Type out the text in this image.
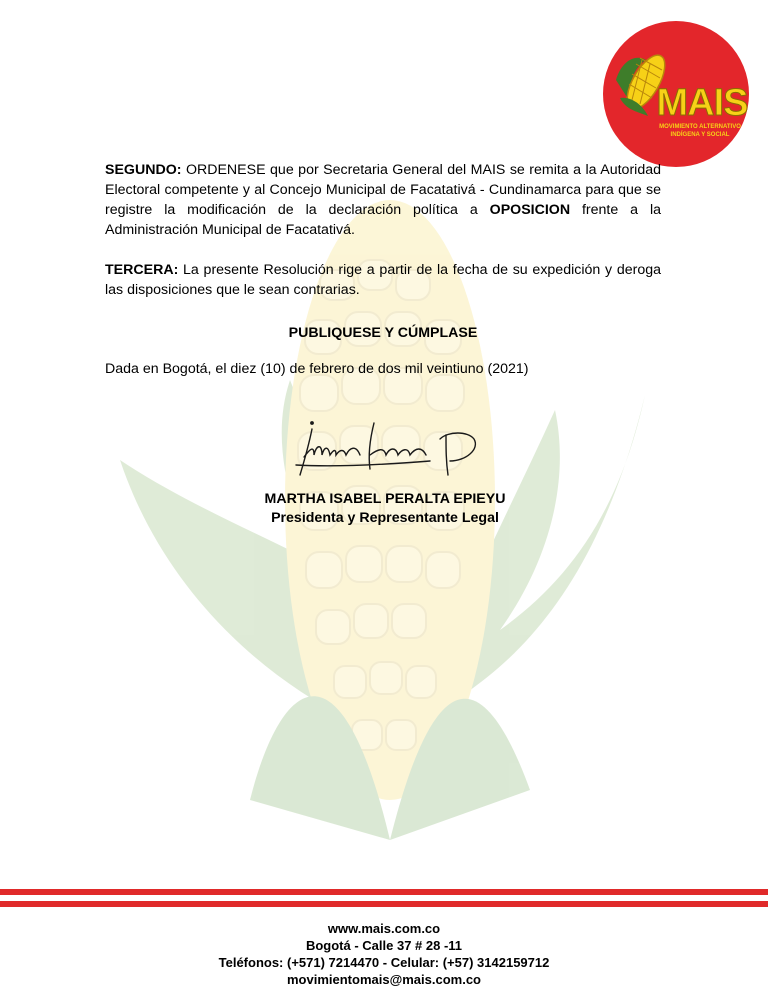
MAIS
MOVIMIENTO ALTERNATIVO
INDÍGENA Y SOCIAL

SEGUNDO: ORDENESE que por Secretaria General del MAIS se remita a la Autoridad Electoral competente y al Concejo Municipal de Facatativá - Cundinamarca para que se registre la modificación de la declaración política a OPOSICION frente a la Administración Municipal de Facatativá.

TERCERA: La presente Resolución rige a partir de la fecha de su expedición y deroga las disposiciones que le sean contrarias.

PUBLIQUESE Y CÚMPLASE
Dada en Bogotá, el diez (10) de febrero de dos mil veintiuno (2021)
MARTHA ISABEL PERALTA EPIEYU
Presidenta y Representante Legal
www.mais.com.co
Bogotá - Calle 37 # 28 -11
Teléfonos: (+571) 7214470 - Celular: (+57) 3142159712
movimientomais@mais.com.co
